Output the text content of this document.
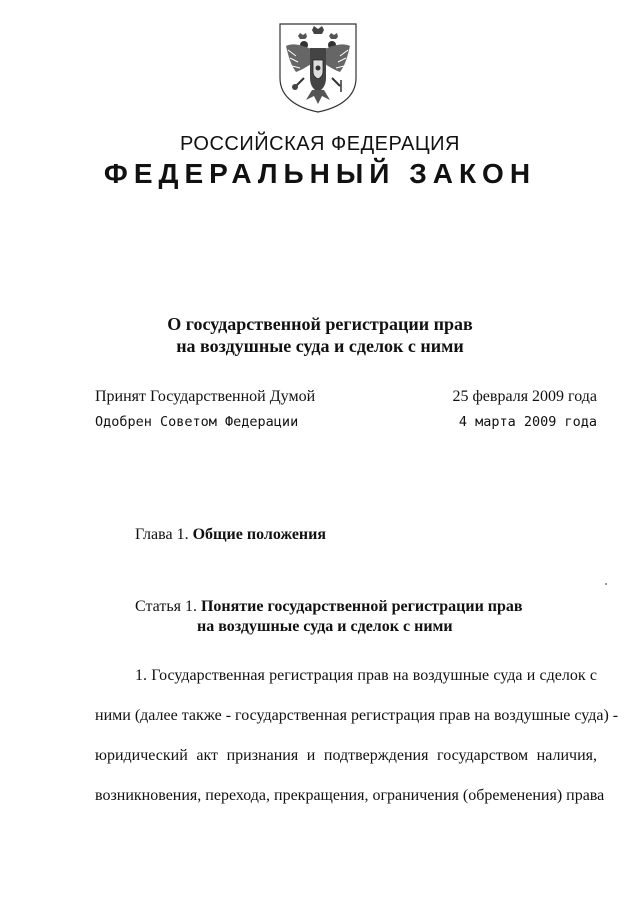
РОССИЙСКАЯ ФЕДЕРАЦИЯ
ФЕДЕРАЛЬНЫЙ ЗАКОН
О государственной регистрации прав
на воздушные суда и сделок с ними
Принят Государственной Думой	25 февраля 2009 года
Одобрен Советом Федерации	4 марта 2009 года
Глава 1. Общие положения
Статья 1. Понятие государственной регистрации прав
на воздушные суда и сделок с ними
1. Государственная регистрация прав на воздушные суда и сделок с
ними (далее также - государственная регистрация прав на воздушные суда) -
юридический акт признания и подтверждения государством наличия,
возникновения, перехода, прекращения, ограничения (обременения) права
